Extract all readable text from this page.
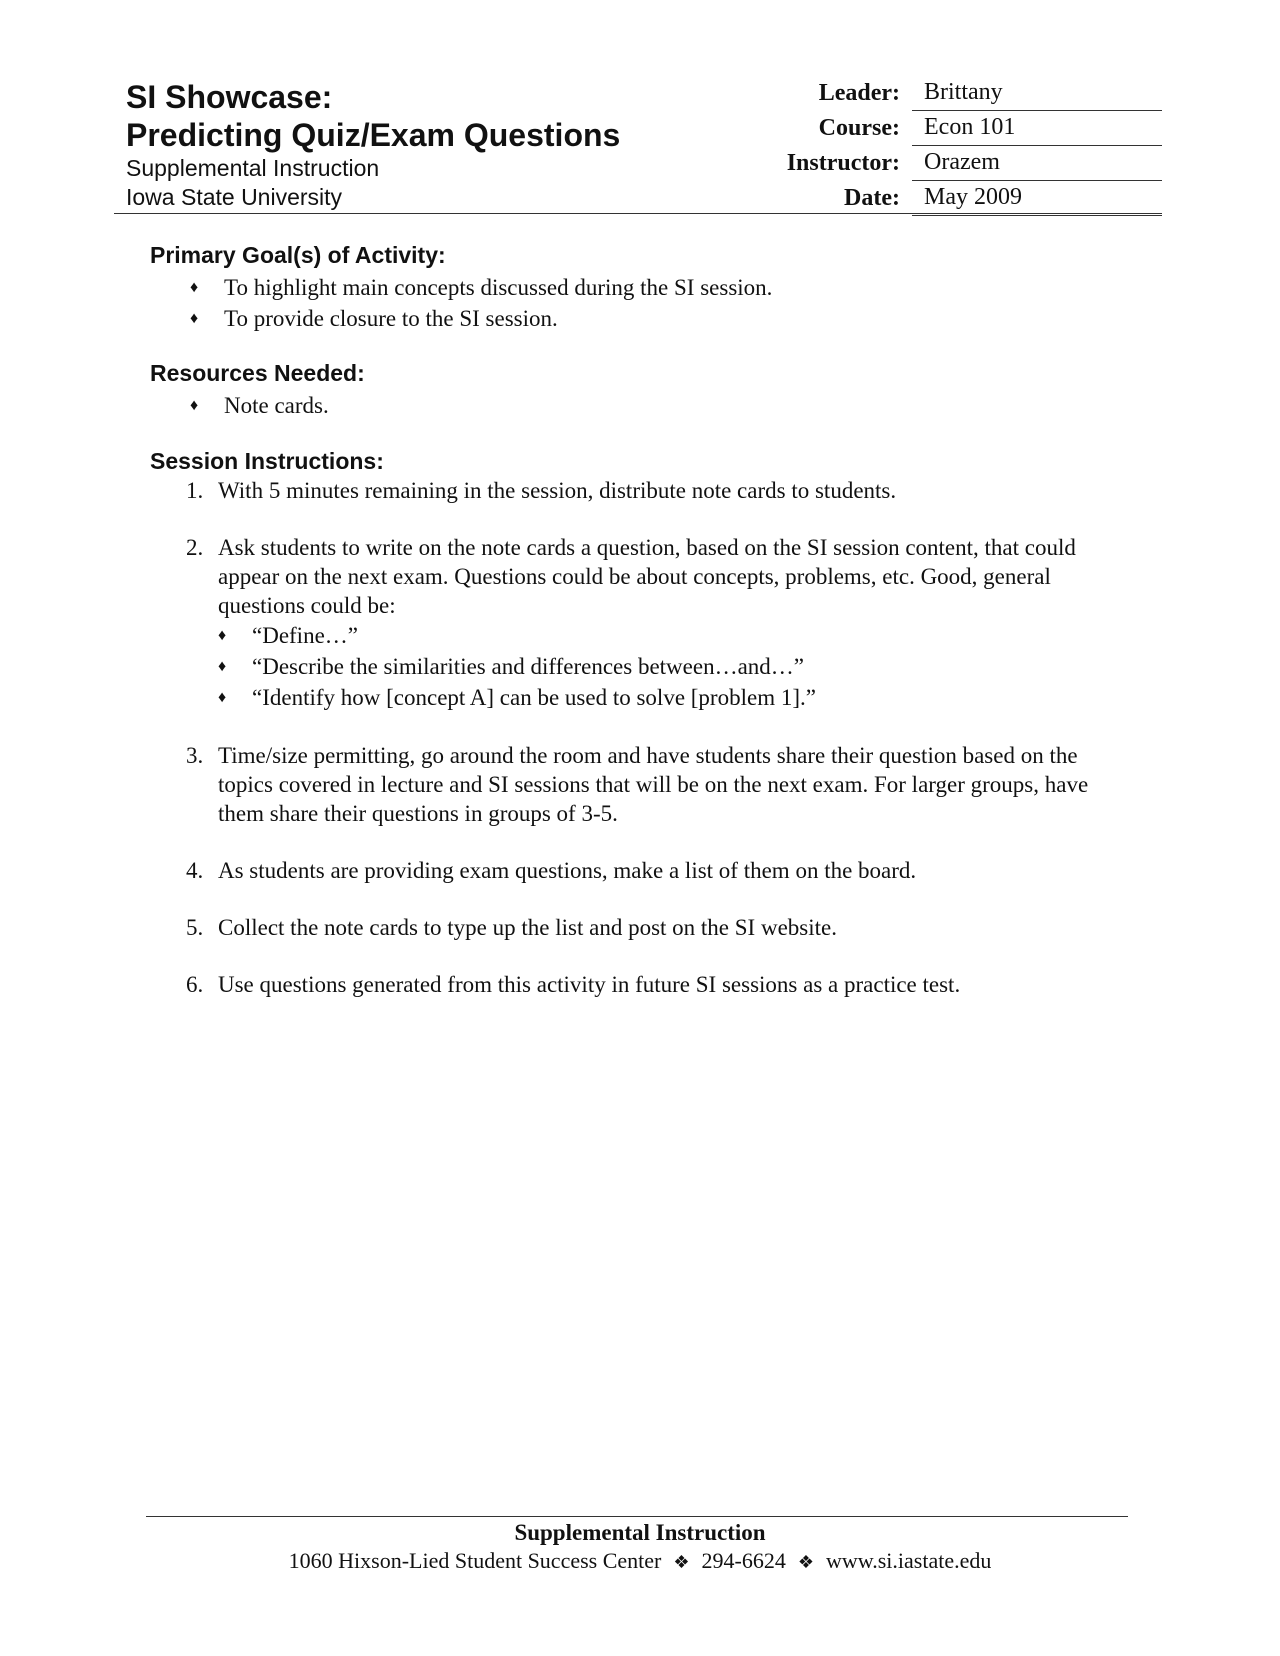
SI Showcase:
Predicting Quiz/Exam Questions
Supplemental Instruction
Iowa State University
Leader:	Brittany
Course:	Econ 101
Instructor:	Orazem
Date:	May 2009
Primary Goal(s) of Activity:
♦	To highlight main concepts discussed during the SI session.
♦	To provide closure to the SI session.
Resources Needed:
♦	Note cards.
Session Instructions:
1. With 5 minutes remaining in the session, distribute note cards to students.
2. Ask students to write on the note cards a question, based on the SI session content, that could appear on the next exam. Questions could be about concepts, problems, etc. Good, general questions could be:
♦	“Define…”
♦	“Describe the similarities and differences between…and…”
♦	“Identify how [concept A] can be used to solve [problem 1].”
3. Time/size permitting, go around the room and have students share their question based on the topics covered in lecture and SI sessions that will be on the next exam. For larger groups, have them share their questions in groups of 3-5.
4. As students are providing exam questions, make a list of them on the board.
5. Collect the note cards to type up the list and post on the SI website.
6. Use questions generated from this activity in future SI sessions as a practice test.
Supplemental Instruction
1060 Hixson-Lied Student Success Center ❖ 294-6624 ❖ www.si.iastate.edu
